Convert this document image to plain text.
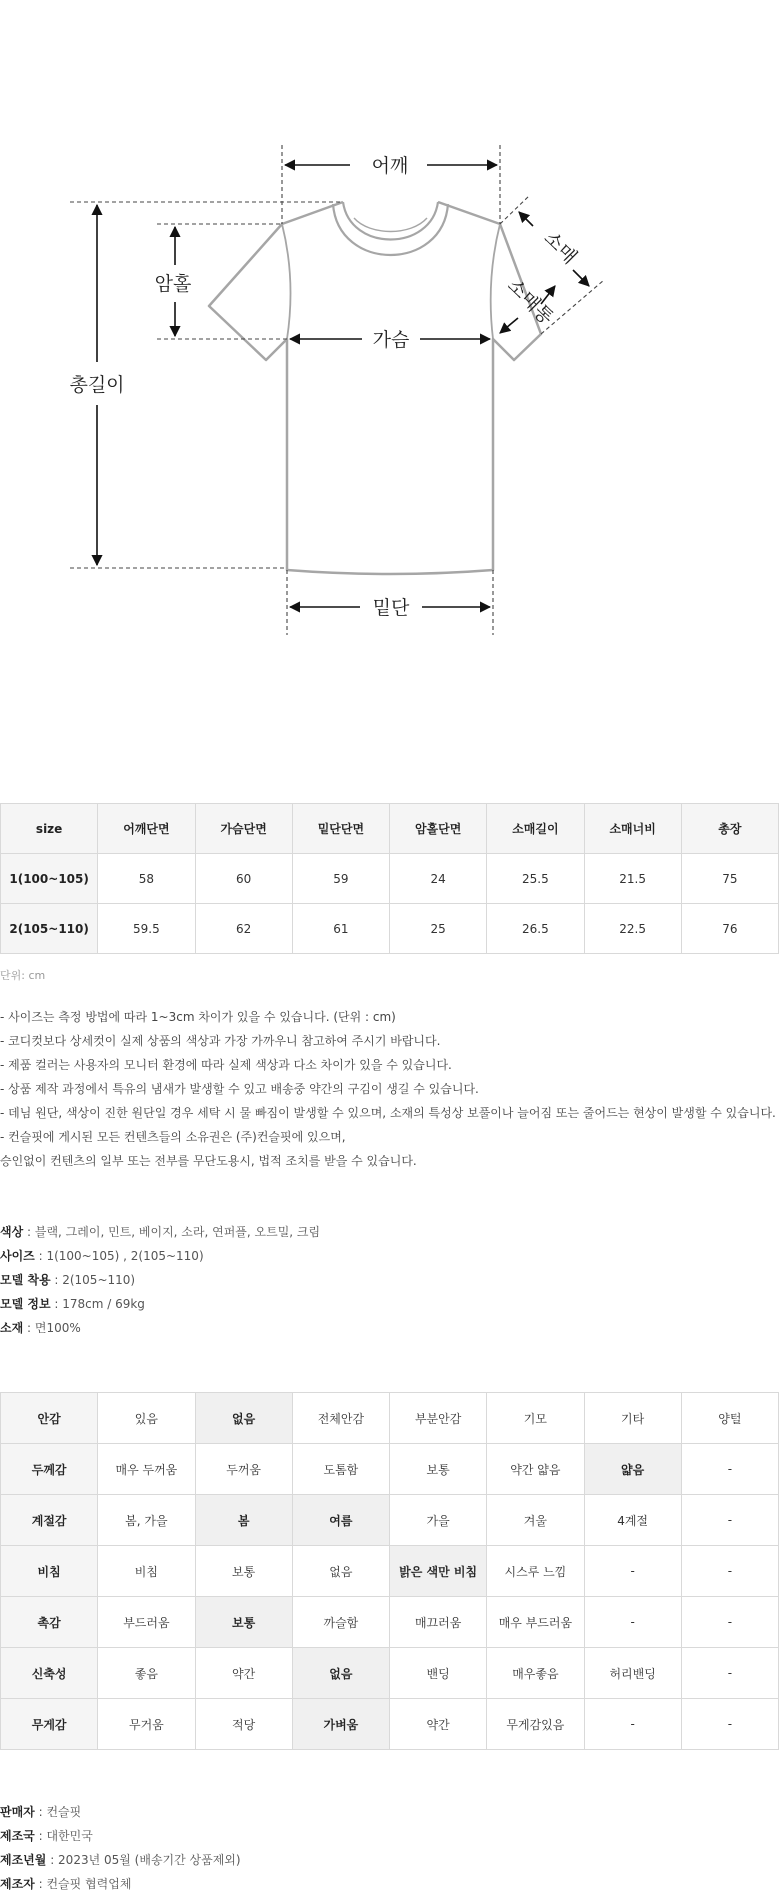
어깨
암홀
총길이
가슴
밑단
소매
소매통
size	어깨단면	가슴단면	밑단단면	암홀단면	소매길이	소매너비	총장
1(100~105)	58	60	59	24	25.5	21.5	75
2(105~110)	59.5	62	61	25	26.5	22.5	76
단위: cm
- 사이즈는 측정 방법에 따라 1~3cm 차이가 있을 수 있습니다. (단위 : cm)
- 코디컷보다 상세컷이 실제 상품의 색상과 가장 가까우니 참고하여 주시기 바랍니다.
- 제품 컬러는 사용자의 모니터 환경에 따라 실제 색상과 다소 차이가 있을 수 있습니다.
- 상품 제작 과정에서 특유의 냄새가 발생할 수 있고 배송중 약간의 구김이 생길 수 있습니다.
- 데님 원단, 색상이 진한 원단일 경우 세탁 시 물 빠짐이 발생할 수 있으며, 소재의 특성상 보풀이나 늘어짐 또는 줄어드는 현상이 발생할 수 있습니다.
- 컨슬핏에 게시된 모든 컨텐츠들의 소유권은 (주)컨슬핏에 있으며,
승인없이 컨텐츠의 일부 또는 전부를 무단도용시, 법적 조치를 받을 수 있습니다.
색상 : 블랙, 그레이, 민트, 베이지, 소라, 연퍼플, 오트밀, 크림
사이즈 : 1(100~105) , 2(105~110)
모델 착용 : 2(105~110)
모델 정보 : 178cm / 69kg
소재 : 면100%
안감	있음	없음	전체안감	부분안감	기모	기타	양털
두께감	매우 두꺼움	두꺼움	도톰함	보통	약간 얇음	얇음	-
계절감	봄, 가을	봄	여름	가을	겨울	4계절	-
비침	비침	보통	없음	밝은 색만 비침	시스루 느낌	-	-
촉감	부드러움	보통	까슬함	매끄러움	매우 부드러움	-	-
신축성	좋음	약간	없음	밴딩	매우좋음	허리밴딩	-
무게감	무거움	적당	가벼움	약간	무게감있음	-	-
판매자 : 컨슬핏
제조국 : 대한민국
제조년월 : 2023년 05월 (배송기간 상품제외)
제조자 : 컨슬핏 협력업체
